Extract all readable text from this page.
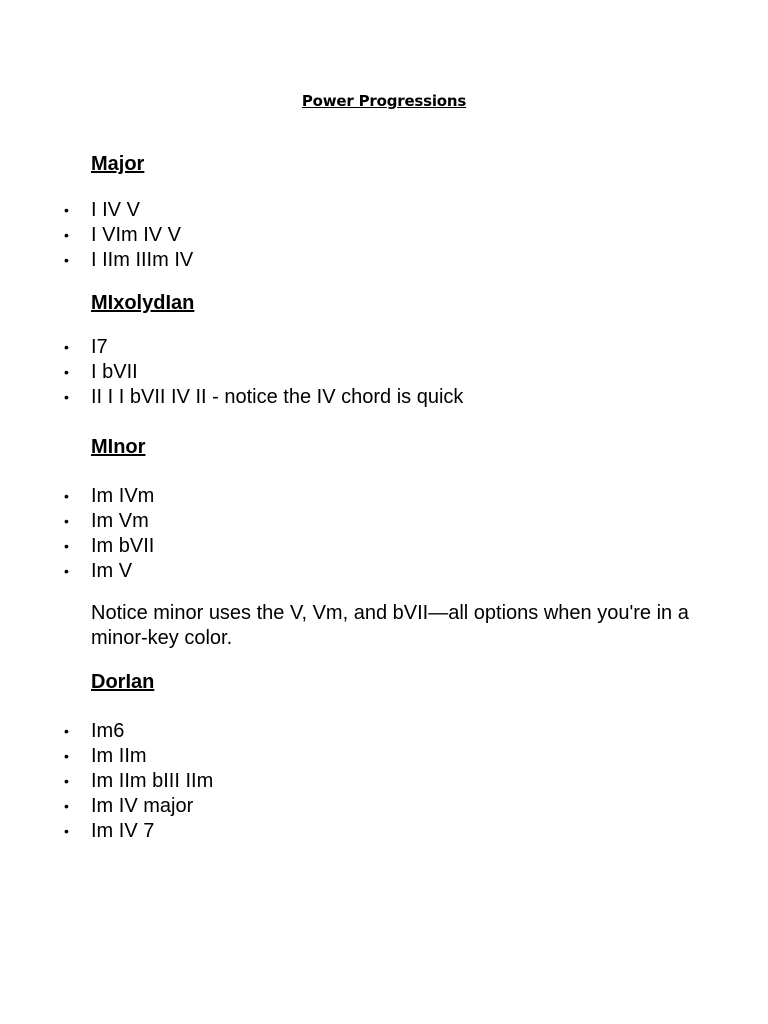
Power Progressions
Major
• I IV V
• I VIm IV V
• I IIm IIIm IV
MIxolydIan
• I7
• I bVII
• II I I bVII IV II - notice the IV chord is quick
MInor
• Im IVm
• Im Vm
• Im bVII
• Im V
Notice minor uses the V, Vm, and bVII—all options when you're in a minor-key color.
DorIan
• Im6
• Im IIm
• Im IIm bIII IIm
• Im IV major
• Im IV 7
